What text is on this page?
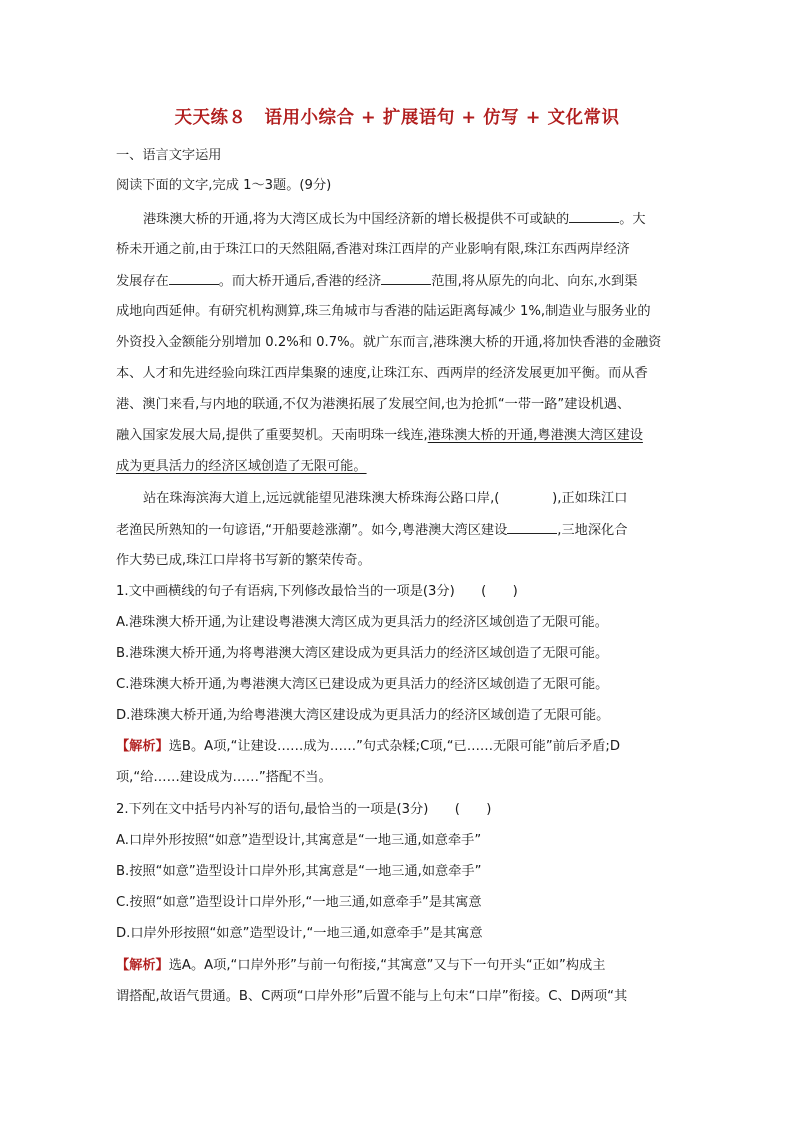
天天练８　语用小综合 + 扩展语句 + 仿写 + 文化常识
一、语言文字运用
阅读下面的文字,完成 1～3题。(9分)
港珠澳大桥的开通,将为大湾区成长为中国经济新的增长极提供不可或缺的	。大
桥未开通之前,由于珠江口的天然阻隔,香港对珠江西岸的产业影响有限,珠江东西两岸经济
发展存在	。而大桥开通后,香港的经济	范围,将从原先的向北、向东,水到渠
成地向西延伸。有研究机构测算,珠三角城市与香港的陆运距离每减少 1%,制造业与服务业的
外资投入金额能分别增加 0.2%和 0.7%。就广东而言,港珠澳大桥的开通,将加快香港的金融资
本、人才和先进经验向珠江西岸集聚的速度,让珠江东、西两岸的经济发展更加平衡。而从香
港、澳门来看,与内地的联通,不仅为港澳拓展了发展空间,也为抢抓“一带一路”建设机遇、
融入国家发展大局,提供了重要契机。天南明珠一线连,港珠澳大桥的开通,粤港澳大湾区建设
成为更具活力的经济区域创造了无限可能。
站在珠海滨海大道上,远远就能望见港珠澳大桥珠海公路口岸,(　　　　),正如珠江口
老渔民所熟知的一句谚语,“开船要趁涨潮”。如今,粤港澳大湾区建设	,三地深化合
作大势已成,珠江口岸将书写新的繁荣传奇。
1.文中画横线的句子有语病,下列修改最恰当的一项是(3分)　　(　　)
A.港珠澳大桥开通,为让建设粤港澳大湾区成为更具活力的经济区域创造了无限可能。
B.港珠澳大桥开通,为将粤港澳大湾区建设成为更具活力的经济区域创造了无限可能。
C.港珠澳大桥开通,为粤港澳大湾区已建设成为更具活力的经济区域创造了无限可能。
D.港珠澳大桥开通,为给粤港澳大湾区建设成为更具活力的经济区域创造了无限可能。
【解析】选B。A项,“让建设……成为……”句式杂糅;C项,“已……无限可能”前后矛盾;D
项,“给……建设成为……”搭配不当。
2.下列在文中括号内补写的语句,最恰当的一项是(3分)　　(　　)
A.口岸外形按照“如意”造型设计,其寓意是“一地三通,如意牵手”
B.按照“如意”造型设计口岸外形,其寓意是“一地三通,如意牵手”
C.按照“如意”造型设计口岸外形,“一地三通,如意牵手”是其寓意
D.口岸外形按照“如意”造型设计,“一地三通,如意牵手”是其寓意
【解析】选A。A项,“口岸外形”与前一句衔接,“其寓意”又与下一句开头“正如”构成主
谓搭配,故语气贯通。B、C两项“口岸外形”后置不能与上句末“口岸”衔接。C、D两项“其
